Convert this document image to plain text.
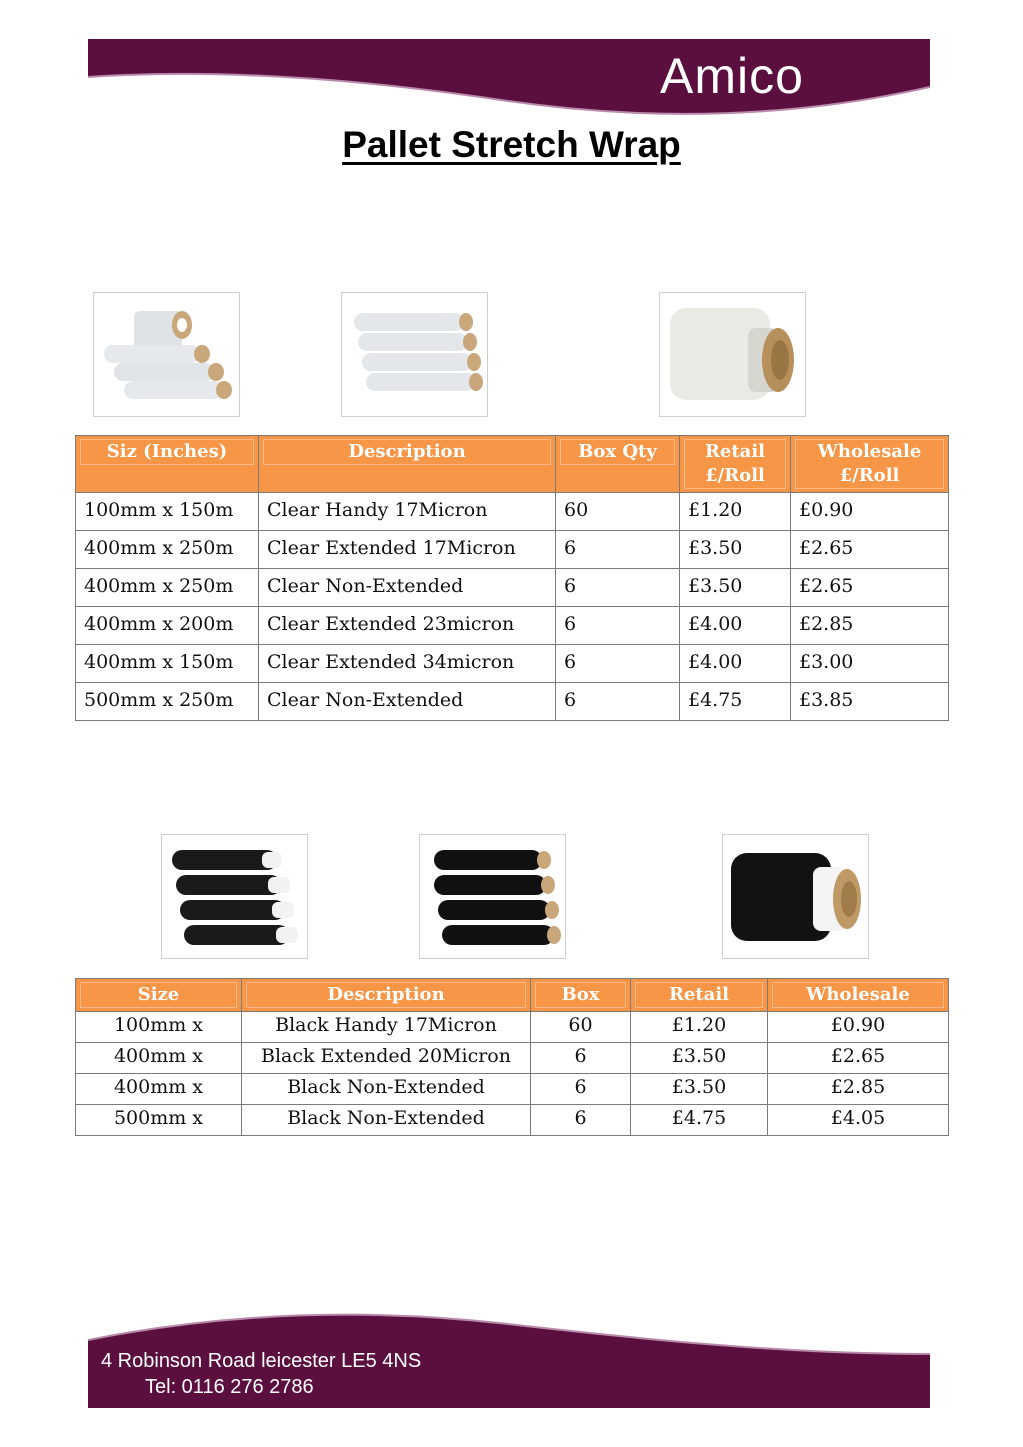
Amico
Pallet Stretch Wrap
Siz (Inches)	Description	Box Qty	Retail £/Roll	Wholesale £/Roll

100mm x 150m	Clear Handy 17Micron	60	£1.20	£0.90
400mm x 250m	Clear Extended 17Micron	6	£3.50	£2.65
400mm x 250m	Clear Non-Extended	6	£3.50	£2.65
400mm x 200m	Clear Extended 23micron	6	£4.00	£2.85
400mm x 150m	Clear Extended 34micron	6	£4.00	£3.00
500mm x 250m	Clear Non-Extended	6	£4.75	£3.85
Size	Description	Box	Retail	Wholesale

100mm x	Black Handy 17Micron	60	£1.20	£0.90
400mm x	Black Extended 20Micron	6	£3.50	£2.65
400mm x	Black Non-Extended	6	£3.50	£2.85
500mm x	Black Non-Extended	6	£4.75	£4.05
4 Robinson Road leicester LE5 4NS
Tel: 0116 276 2786
